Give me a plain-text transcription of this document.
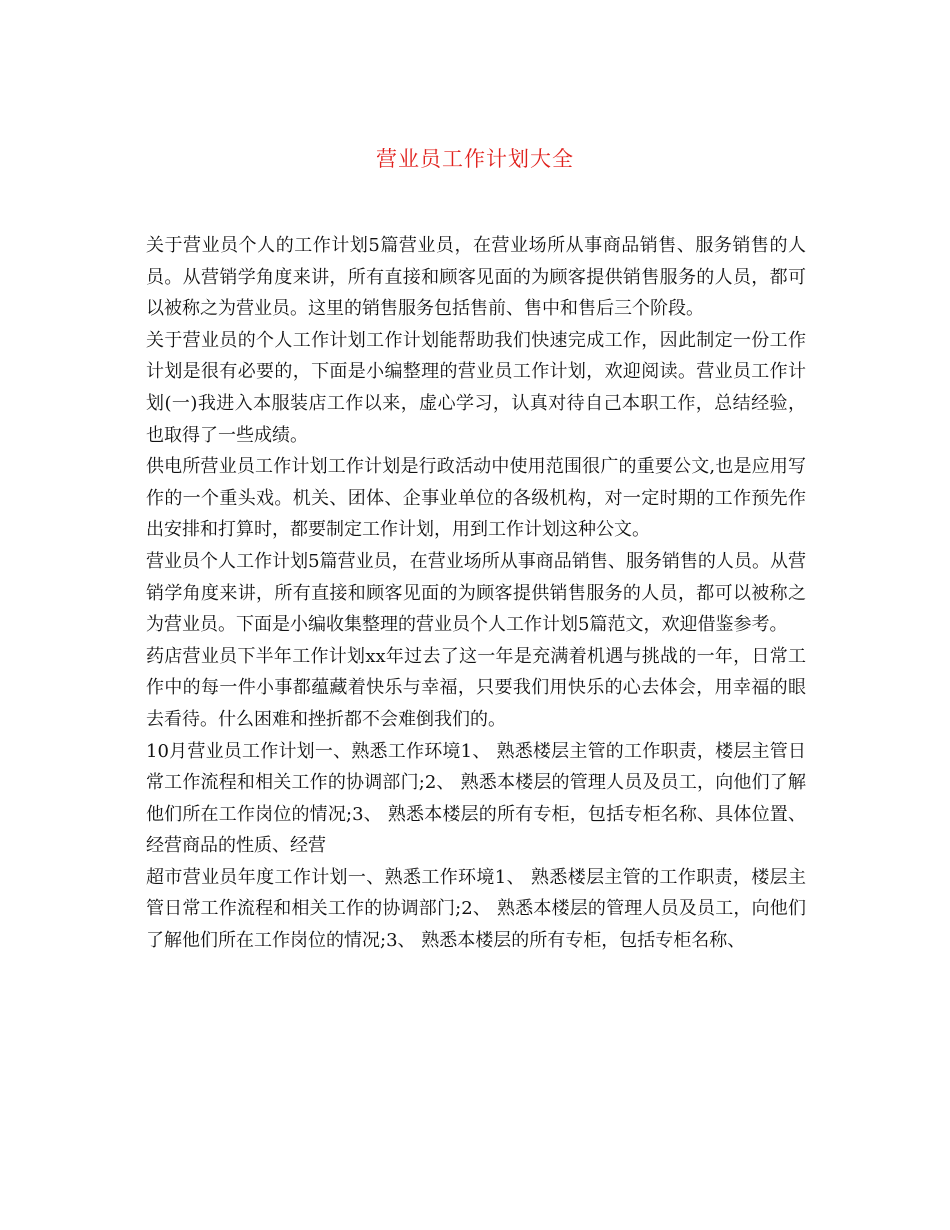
营业员工作计划大全

关于营业员个人的工作计划5篇营业员，在营业场所从事商品销售、服务销售的人员。从营销学角度来讲，所有直接和顾客见面的为顾客提供销售服务的人员，都可以被称之为营业员。这里的销售服务包括售前、售中和售后三个阶段。

关于营业员的个人工作计划工作计划能帮助我们快速完成工作，因此制定一份工作计划是很有必要的，下面是小编整理的营业员工作计划，欢迎阅读。营业员工作计划(一)我进入本服装店工作以来，虚心学习，认真对待自己本职工作，总结经验，也取得了一些成绩。

供电所营业员工作计划工作计划是行政活动中使用范围很广的重要公文,也是应用写作的一个重头戏。机关、团体、企事业单位的各级机构，对一定时期的工作预先作出安排和打算时，都要制定工作计划，用到工作计划这种公文。

营业员个人工作计划5篇营业员，在营业场所从事商品销售、服务销售的人员。从营销学角度来讲，所有直接和顾客见面的为顾客提供销售服务的人员，都可以被称之为营业员。下面是小编收集整理的营业员个人工作计划5篇范文，欢迎借鉴参考。

药店营业员下半年工作计划xx年过去了这一年是充满着机遇与挑战的一年，日常工作中的每一件小事都蕴藏着快乐与幸福，只要我们用快乐的心去体会，用幸福的眼去看待。什么困难和挫折都不会难倒我们的。

10月营业员工作计划一、熟悉工作环境1、 熟悉楼层主管的工作职责，楼层主管日常工作流程和相关工作的协调部门;2、 熟悉本楼层的管理人员及员工，向他们了解他们所在工作岗位的情况;3、 熟悉本楼层的所有专柜，包括专柜名称、具体位置、经营商品的性质、经营

超市营业员年度工作计划一、熟悉工作环境1、 熟悉楼层主管的工作职责，楼层主管日常工作流程和相关工作的协调部门;2、 熟悉本楼层的管理人员及员工，向他们了解他们所在工作岗位的情况;3、 熟悉本楼层的所有专柜，包括专柜名称、
